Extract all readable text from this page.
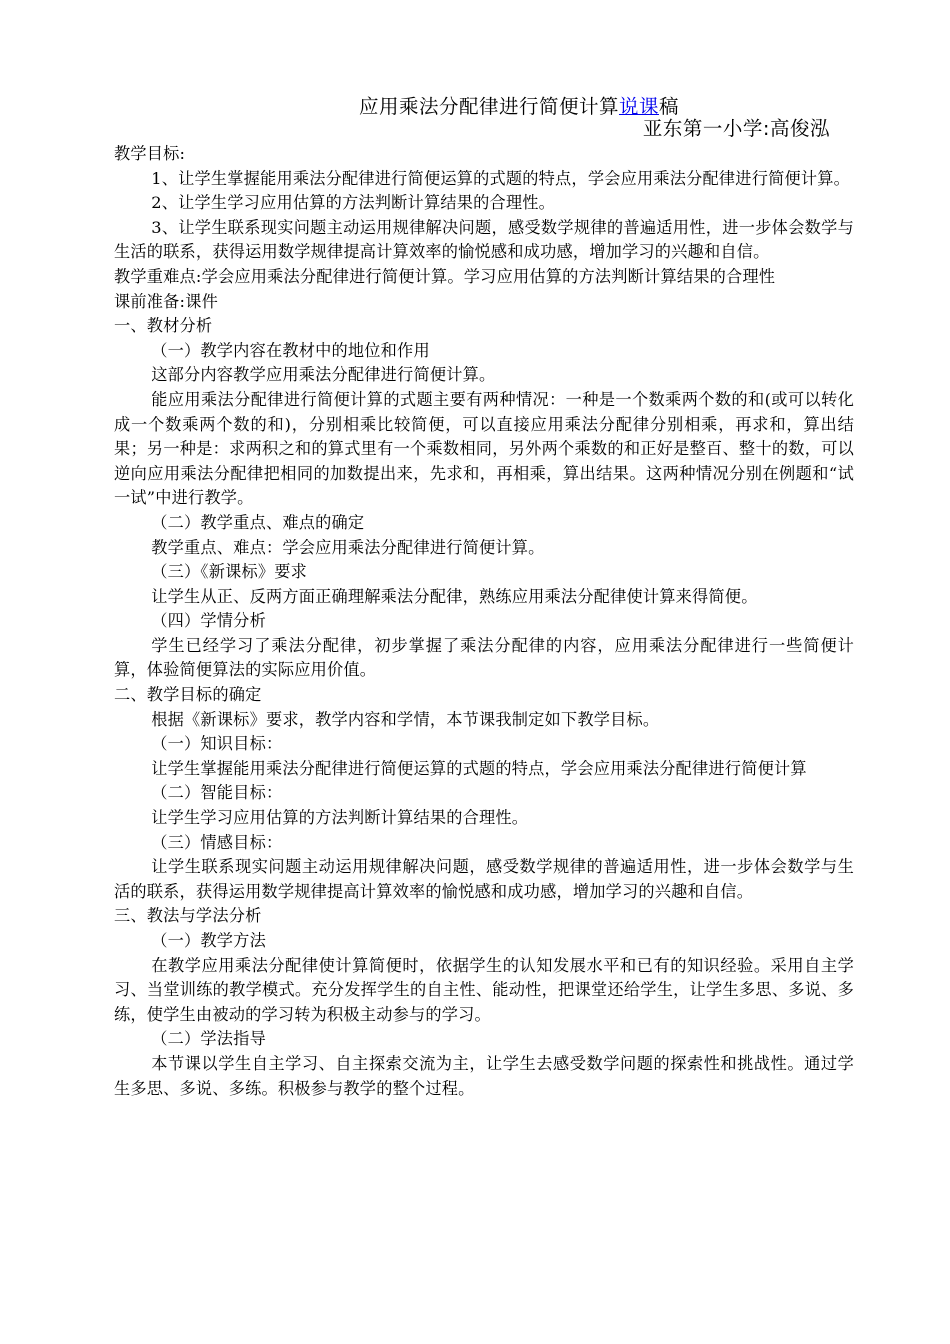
应用乘法分配律进行简便计算说课稿
亚东第一小学:高俊泓

教学目标:

1、让学生掌握能用乘法分配律进行简便运算的式题的特点，学会应用乘法分配律进行简便计算。

2、让学生学习应用估算的方法判断计算结果的合理性。

3、让学生联系现实问题主动运用规律解决问题，感受数学规律的普遍适用性，进一步体会数学与生活的联系，获得运用数学规律提高计算效率的愉悦感和成功感，增加学习的兴趣和自信。

教学重难点:学会应用乘法分配律进行简便计算。学习应用估算的方法判断计算结果的合理性

课前准备:课件

一、教材分析

（一）教学内容在教材中的地位和作用

这部分内容教学应用乘法分配律进行简便计算。

能应用乘法分配律进行简便计算的式题主要有两种情况：一种是一个数乘两个数的和(或可以转化成一个数乘两个数的和)，分别相乘比较简便，可以直接应用乘法分配律分别相乘，再求和，算出结果；另一种是：求两积之和的算式里有一个乘数相同，另外两个乘数的和正好是整百、整十的数，可以逆向应用乘法分配律把相同的加数提出来，先求和，再相乘，算出结果。这两种情况分别在例题和“试一试”中进行教学。

（二）教学重点、难点的确定

教学重点、难点：学会应用乘法分配律进行简便计算。

（三）《新课标》要求

让学生从正、反两方面正确理解乘法分配律，熟练应用乘法分配律使计算来得简便。

（四）学情分析

学生已经学习了乘法分配律，初步掌握了乘法分配律的内容，应用乘法分配律进行一些简便计算，体验简便算法的实际应用价值。

二、教学目标的确定

根据《新课标》要求，教学内容和学情，本节课我制定如下教学目标。

（一）知识目标：

让学生掌握能用乘法分配律进行简便运算的式题的特点，学会应用乘法分配律进行简便计算

（二）智能目标：

让学生学习应用估算的方法判断计算结果的合理性。

（三）情感目标：

让学生联系现实问题主动运用规律解决问题，感受数学规律的普遍适用性，进一步体会数学与生活的联系，获得运用数学规律提高计算效率的愉悦感和成功感，增加学习的兴趣和自信。

三、教法与学法分析

（一）教学方法

在教学应用乘法分配律使计算简便时，依据学生的认知发展水平和已有的知识经验。采用自主学习、当堂训练的教学模式。充分发挥学生的自主性、能动性，把课堂还给学生，让学生多思、多说、多练，使学生由被动的学习转为积极主动参与的学习。

（二）学法指导

本节课以学生自主学习、自主探索交流为主，让学生去感受数学问题的探索性和挑战性。通过学生多思、多说、多练。积极参与教学的整个过程。
